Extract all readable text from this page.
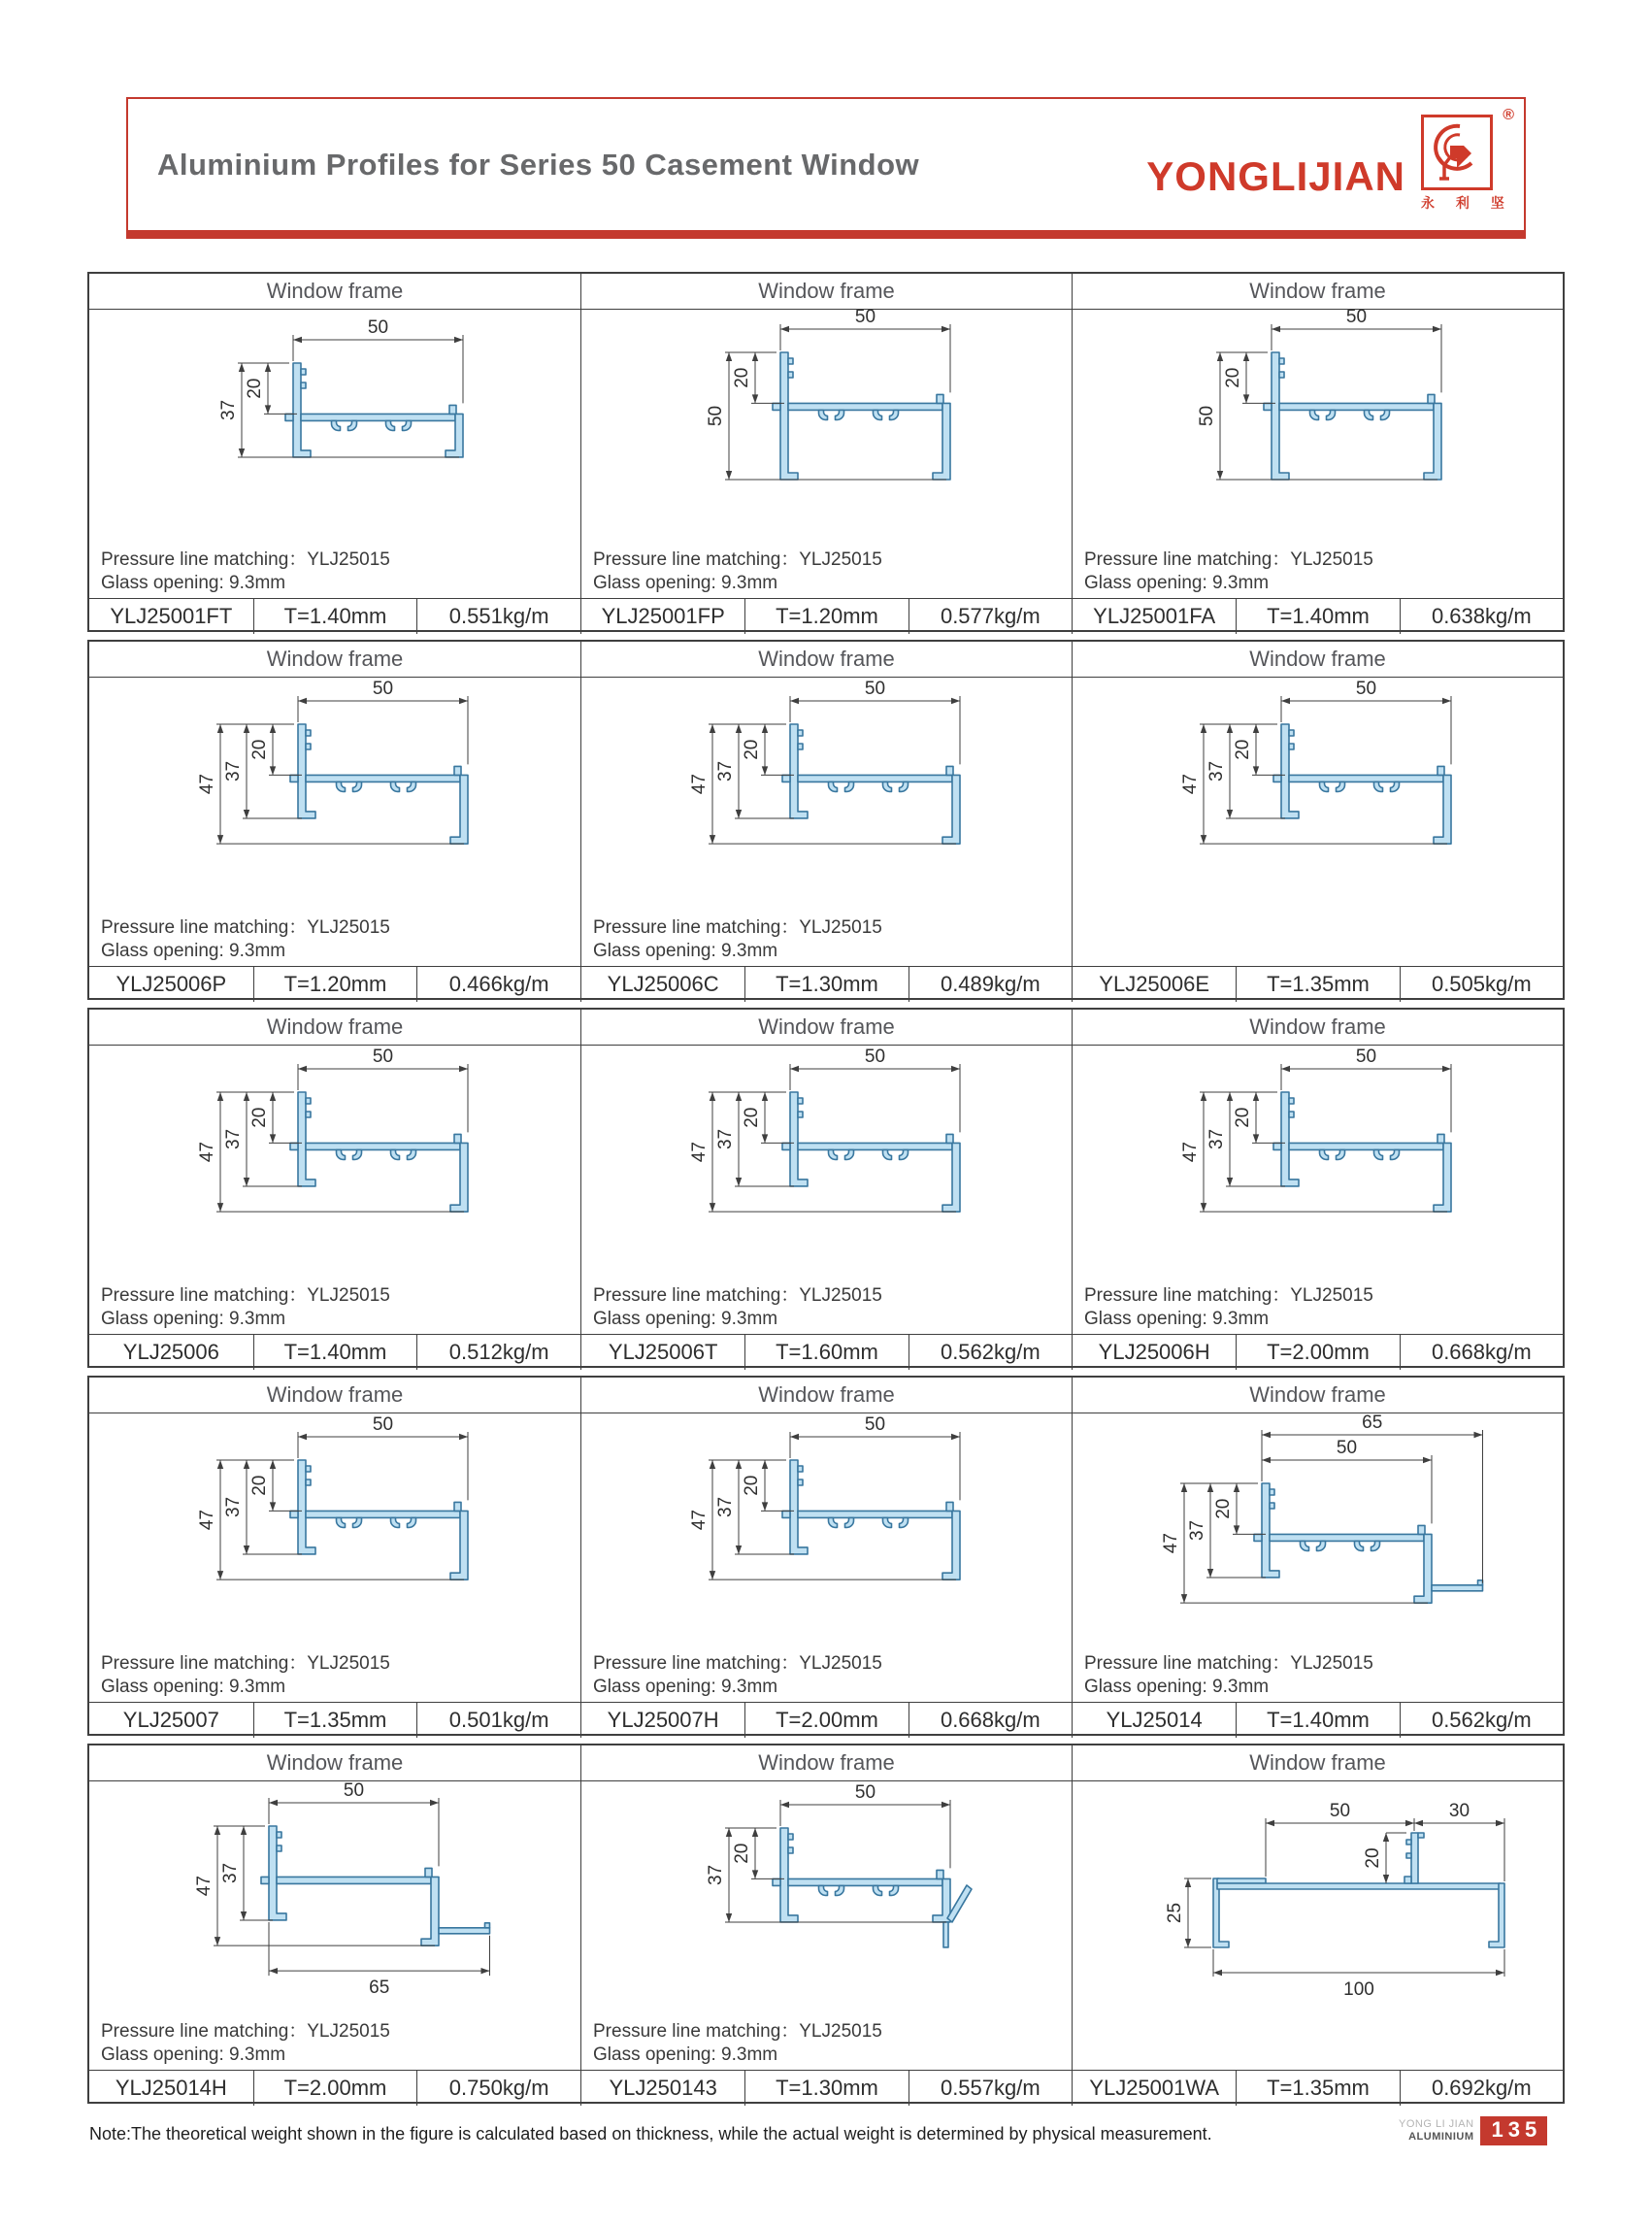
Aluminium Profiles for Series 50 Casement Window	YONGLIJIAN
®
永 利 坚
Window frame
50
20
37
Pressure line matching：YLJ25015
Glass opening: 9.3mm
YLJ25001FT	T=1.40mm	0.551kg/m
Window frame
50
20
50
Pressure line matching：YLJ25015
Glass opening: 9.3mm
YLJ25001FP	T=1.20mm	0.577kg/m
Window frame
50
20
50
Pressure line matching：YLJ25015
Glass opening: 9.3mm
YLJ25001FA	T=1.40mm	0.638kg/m
Window frame
50
20
37
47
Pressure line matching：YLJ25015
Glass opening: 9.3mm
YLJ25006P	T=1.20mm	0.466kg/m
Window frame
50
20
37
47
Pressure line matching：YLJ25015
Glass opening: 9.3mm
YLJ25006C	T=1.30mm	0.489kg/m
Window frame
50
20
37
47
YLJ25006E	T=1.35mm	0.505kg/m
Window frame
50
20
37
47
Pressure line matching：YLJ25015
Glass opening: 9.3mm
YLJ25006	T=1.40mm	0.512kg/m
Window frame
50
20
37
47
Pressure line matching：YLJ25015
Glass opening: 9.3mm
YLJ25006T	T=1.60mm	0.562kg/m
Window frame
50
20
37
47
Pressure line matching：YLJ25015
Glass opening: 9.3mm
YLJ25006H	T=2.00mm	0.668kg/m
Window frame
50
20
37
47
Pressure line matching：YLJ25015
Glass opening: 9.3mm
YLJ25007	T=1.35mm	0.501kg/m
Window frame
50
20
37
47
Pressure line matching：YLJ25015
Glass opening: 9.3mm
YLJ25007H	T=2.00mm	0.668kg/m
Window frame
65
50
20
37
47
Pressure line matching：YLJ25015
Glass opening: 9.3mm
YLJ25014	T=1.40mm	0.562kg/m
Window frame
50
37
47
65
Pressure line matching：YLJ25015
Glass opening: 9.3mm
YLJ25014H	T=2.00mm	0.750kg/m
Window frame
50
20
37
Pressure line matching：YLJ25015
Glass opening: 9.3mm
YLJ250143	T=1.30mm	0.557kg/m
Window frame
50	30
20
25
100
YLJ25001WA	T=1.35mm	0.692kg/m
Note:The theoretical weight shown in the figure is calculated based on thickness, while the actual weight is determined by physical measurement.	YONG LI JIAN
ALUMINIUM 135
